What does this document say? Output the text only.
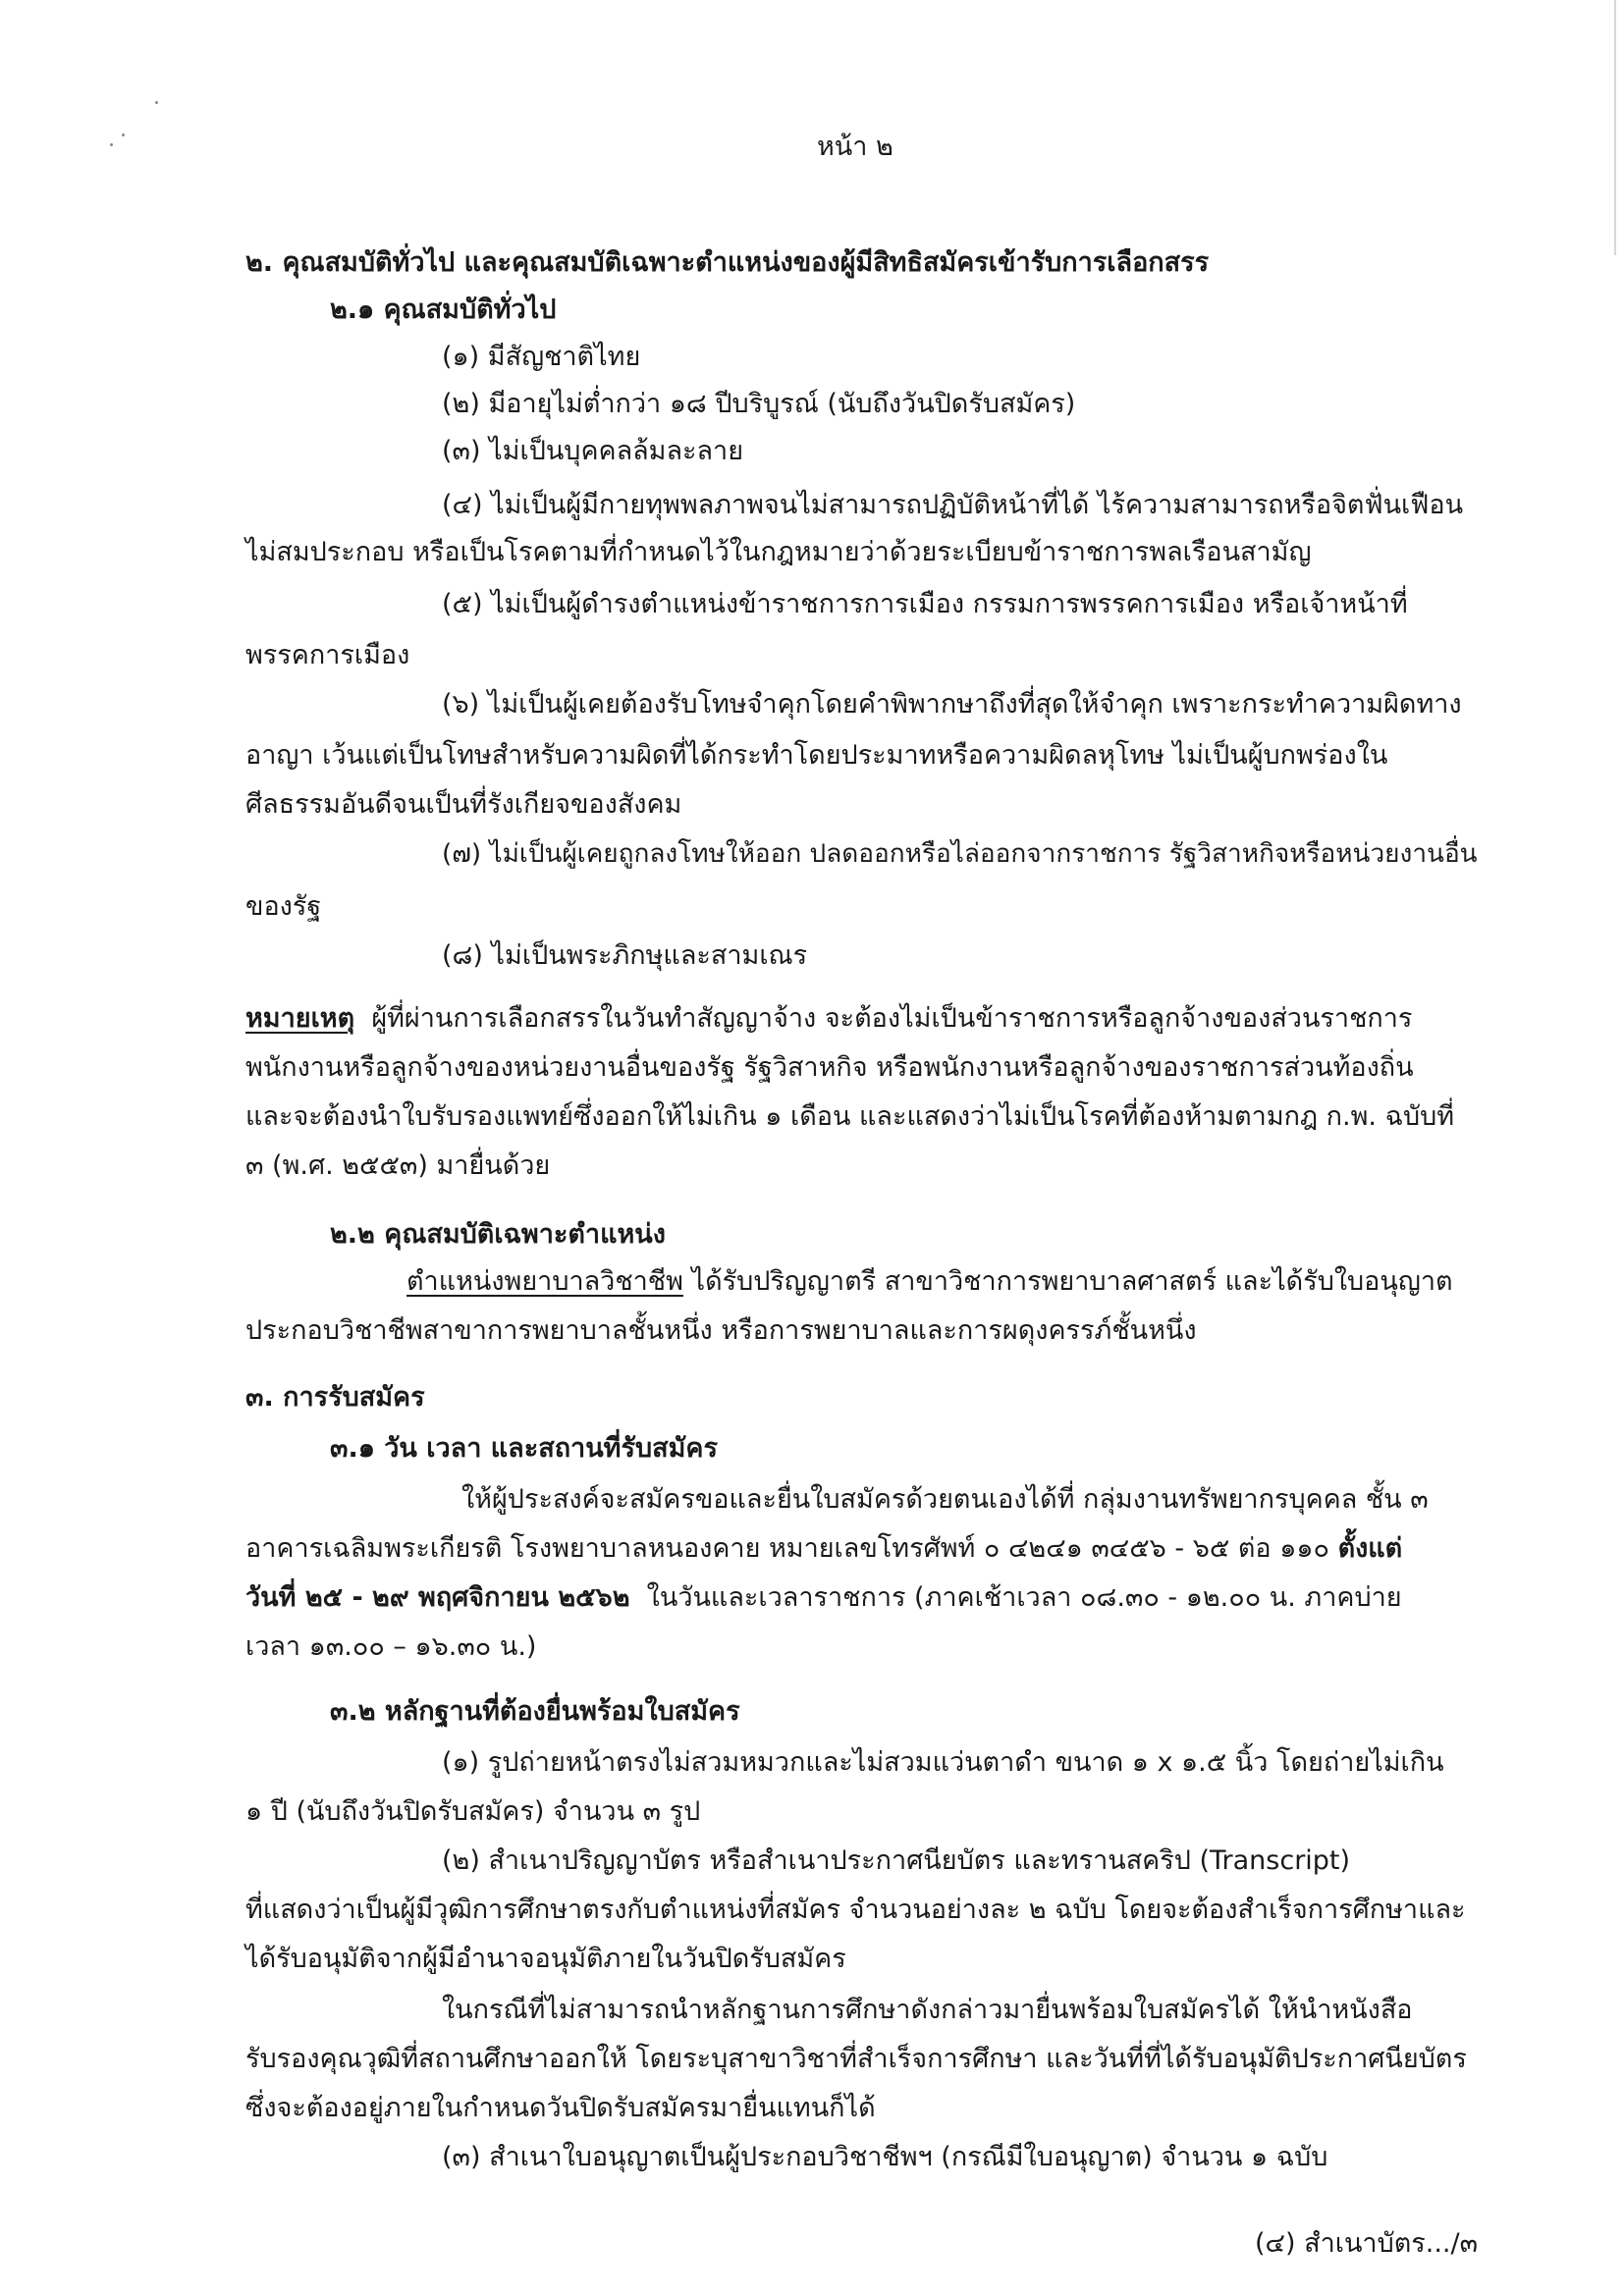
หน้า ๒
๒. คุณสมบัติทั่วไป และคุณสมบัติเฉพาะตำแหน่งของผู้มีสิทธิสมัครเข้ารับการเลือกสรร
๒.๑ คุณสมบัติทั่วไป
(๑) มีสัญชาติไทย
(๒) มีอายุไม่ต่ำกว่า ๑๘ ปีบริบูรณ์ (นับถึงวันปิดรับสมัคร)
(๓) ไม่เป็นบุคคลล้มละลาย
(๔) ไม่เป็นผู้มีกายทุพพลภาพจนไม่สามารถปฏิบัติหน้าที่ได้ ไร้ความสามารถหรือจิตฟั่นเฟือน
ไม่สมประกอบ หรือเป็นโรคตามที่กำหนดไว้ในกฎหมายว่าด้วยระเบียบข้าราชการพลเรือนสามัญ
(๕) ไม่เป็นผู้ดำรงตำแหน่งข้าราชการการเมือง กรรมการพรรคการเมือง หรือเจ้าหน้าที่
พรรคการเมือง
(๖) ไม่เป็นผู้เคยต้องรับโทษจำคุกโดยคำพิพากษาถึงที่สุดให้จำคุก เพราะกระทำความผิดทาง
อาญา เว้นแต่เป็นโทษสำหรับความผิดที่ได้กระทำโดยประมาทหรือความผิดลหุโทษ ไม่เป็นผู้บกพร่องใน
ศีลธรรมอันดีจนเป็นที่รังเกียจของสังคม
(๗) ไม่เป็นผู้เคยถูกลงโทษให้ออก ปลดออกหรือไล่ออกจากราชการ รัฐวิสาหกิจหรือหน่วยงานอื่น
ของรัฐ
(๘) ไม่เป็นพระภิกษุและสามเณร
หมายเหตุ ผู้ที่ผ่านการเลือกสรรในวันทำสัญญาจ้าง จะต้องไม่เป็นข้าราชการหรือลูกจ้างของส่วนราชการ
พนักงานหรือลูกจ้างของหน่วยงานอื่นของรัฐ รัฐวิสาหกิจ หรือพนักงานหรือลูกจ้างของราชการส่วนท้องถิ่น
และจะต้องนำใบรับรองแพทย์ซึ่งออกให้ไม่เกิน ๑ เดือน และแสดงว่าไม่เป็นโรคที่ต้องห้ามตามกฎ ก.พ. ฉบับที่
๓ (พ.ศ. ๒๕๕๓) มายื่นด้วย
๒.๒ คุณสมบัติเฉพาะตำแหน่ง
ตำแหน่งพยาบาลวิชาชีพ ได้รับปริญญาตรี สาขาวิชาการพยาบาลศาสตร์ และได้รับใบอนุญาต
ประกอบวิชาชีพสาขาการพยาบาลชั้นหนึ่ง หรือการพยาบาลและการผดุงครรภ์ชั้นหนึ่ง
๓. การรับสมัคร
๓.๑ วัน เวลา และสถานที่รับสมัคร
ให้ผู้ประสงค์จะสมัครขอและยื่นใบสมัครด้วยตนเองได้ที่ กลุ่มงานทรัพยากรบุคคล ชั้น ๓
อาคารเฉลิมพระเกียรติ โรงพยาบาลหนองคาย หมายเลขโทรศัพท์ ๐ ๔๒๔๑ ๓๔๕๖ - ๖๕ ต่อ ๑๑๐ ตั้งแต่
วันที่ ๒๕ - ๒๙ พฤศจิกายน ๒๕๖๒ ในวันและเวลาราชการ (ภาคเช้าเวลา ๐๘.๓๐ - ๑๒.๐๐ น. ภาคบ่าย
เวลา ๑๓.๐๐ – ๑๖.๓๐ น.)
๓.๒ หลักฐานที่ต้องยื่นพร้อมใบสมัคร
(๑) รูปถ่ายหน้าตรงไม่สวมหมวกและไม่สวมแว่นตาดำ ขนาด ๑ x ๑.๕ นิ้ว โดยถ่ายไม่เกิน
๑ ปี (นับถึงวันปิดรับสมัคร) จำนวน ๓ รูป
(๒) สำเนาปริญญาบัตร หรือสำเนาประกาศนียบัตร และทรานสคริป (Transcript)
ที่แสดงว่าเป็นผู้มีวุฒิการศึกษาตรงกับตำแหน่งที่สมัคร จำนวนอย่างละ ๒ ฉบับ โดยจะต้องสำเร็จการศึกษาและ
ได้รับอนุมัติจากผู้มีอำนาจอนุมัติภายในวันปิดรับสมัคร
ในกรณีที่ไม่สามารถนำหลักฐานการศึกษาดังกล่าวมายื่นพร้อมใบสมัครได้ ให้นำหนังสือ
รับรองคุณวุฒิที่สถานศึกษาออกให้ โดยระบุสาขาวิชาที่สำเร็จการศึกษา และวันที่ที่ได้รับอนุมัติประกาศนียบัตร
ซึ่งจะต้องอยู่ภายในกำหนดวันปิดรับสมัครมายื่นแทนก็ได้
(๓) สำเนาใบอนุญาตเป็นผู้ประกอบวิชาชีพฯ (กรณีมีใบอนุญาต) จำนวน ๑ ฉบับ
(๔) สำเนาบัตร.../๓
